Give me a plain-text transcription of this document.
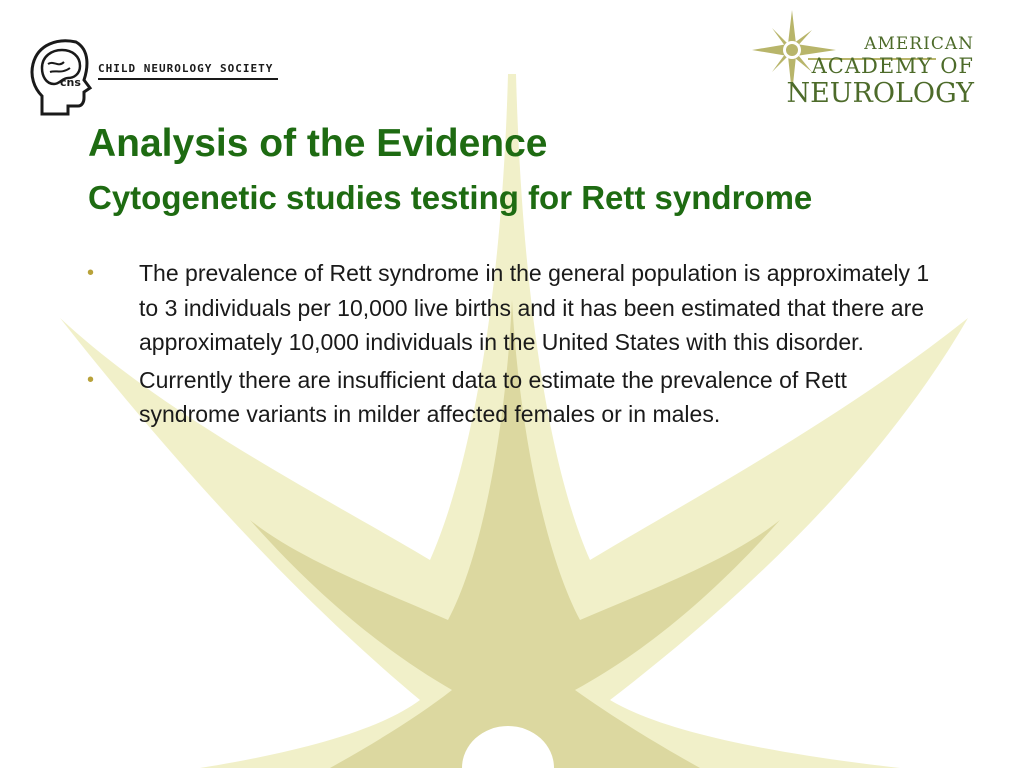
cns
CHILD NEUROLOGY SOCIETY
AMERICAN
ACADEMY OF
NEUROLOGY
Analysis of the Evidence
Cytogenetic studies testing for Rett syndrome
• The prevalence of Rett syndrome in the general population is approximately 1 to 3 individuals per 10,000 live births and it has been estimated that there are approximately 10,000 individuals in the United States with this disorder.
• Currently there are insufficient data to estimate the prevalence of Rett syndrome variants in milder affected females or in males.
